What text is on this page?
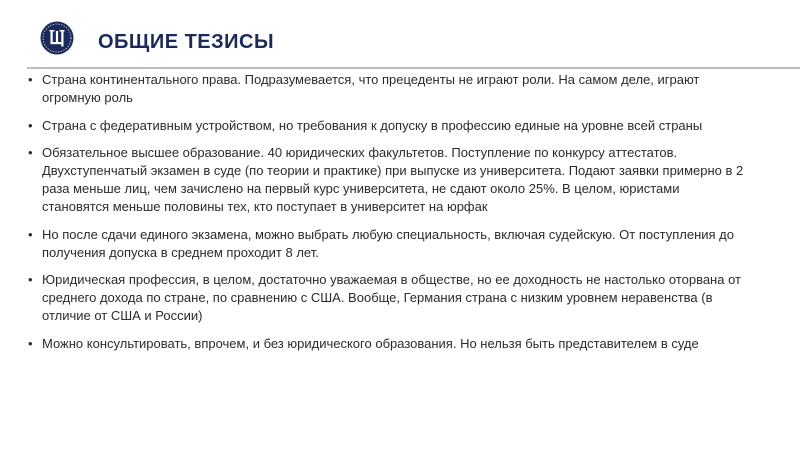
ОБЩИЕ ТЕЗИСЫ
• Страна континентального права. Подразумевается, что прецеденты не играют роли. На самом деле, играют огромную роль
• Страна с федеративным устройством, но требования к допуску в профессию единые на уровне всей страны
• Обязательное высшее образование. 40 юридических факультетов. Поступление по конкурсу аттестатов. Двухступенчатый экзамен в суде (по теории и практике) при выпуске из университета. Подают заявки примерно в 2 раза меньше лиц, чем зачислено на первый курс университета, не сдают около 25%. В целом, юристами становятся меньше половины тех, кто поступает в университет на юрфак
• Но после сдачи единого экзамена, можно выбрать любую специальность, включая судейскую. От поступления до получения допуска в среднем проходит 8 лет.
• Юридическая профессия, в целом, достаточно уважаемая в обществе, но ее доходность не настолько оторвана от среднего дохода по стране, по сравнению с США. Вообще, Германия страна с низким уровнем неравенства (в отличие от США и России)
• Можно консультировать, впрочем, и без юридического образования. Но нельзя быть представителем в суде
